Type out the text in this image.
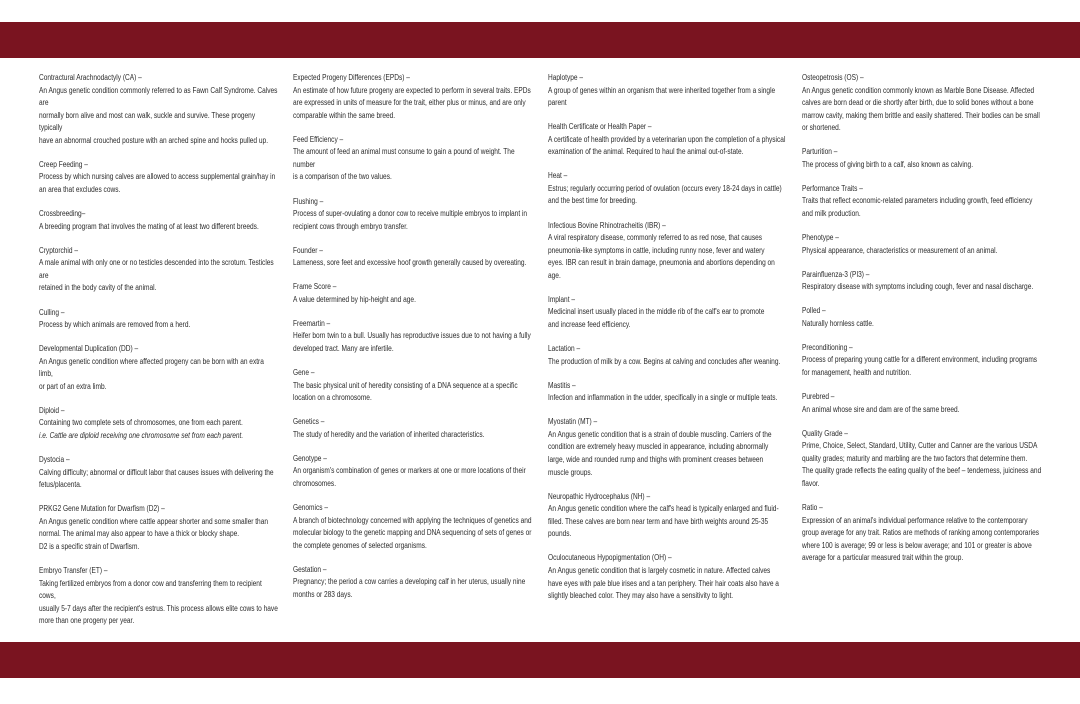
Contractural Arachnodactyly (CA) –
An Angus genetic condition commonly referred to as Fawn Calf Syndrome. Calves are
normally born alive and most can walk, suckle and survive. These progeny typically
have an abnormal crouched posture with an arched spine and hocks pulled up.
Creep Feeding –
Process by which nursing calves are allowed to access supplemental grain/hay in
an area that excludes cows.
Crossbreeding–
A breeding program that involves the mating of at least two different breeds.
Cryptorchid –
A male animal with only one or no testicles descended into the scrotum. Testicles are
retained in the body cavity of the animal.
Culling –
Process by which animals are removed from a herd.
Developmental Duplication (DD) –
An Angus genetic condition where affected progeny can be born with an extra limb,
or part of an extra limb.
Diploid –
Containing two complete sets of chromosomes, one from each parent.
i.e. Cattle are diploid receiving one chromosome set from each parent.
Dystocia –
Calving difficulty; abnormal or difficult labor that causes issues with delivering the
fetus/placenta.
PRKG2 Gene Mutation for Dwarfism (D2) –
An Angus genetic condition where cattle appear shorter and some smaller than
normal. The animal may also appear to have a thick or blocky shape.
D2 is a specific strain of Dwarfism.
Embryo Transfer (ET) –
Taking fertilized embryos from a donor cow and transferring them to recipient cows,
usually 5-7 days after the recipient's estrus. This process allows elite cows to have
more than one progeny per year.
Expected Progeny Differences (EPDs) –
An estimate of how future progeny are expected to perform in several traits. EPDs
are expressed in units of measure for the trait, either plus or minus, and are only
comparable within the same breed.
Feed Efficiency –
The amount of feed an animal must consume to gain a pound of weight. The number
is a comparison of the two values.
Flushing –
Process of super-ovulating a donor cow to receive multiple embryos to implant in
recipient cows through embryo transfer.
Founder –
Lameness, sore feet and excessive hoof growth generally caused by overeating.
Frame Score –
A value determined by hip-height and age.
Freemartin –
Heifer born twin to a bull. Usually has reproductive issues due to not having a fully
developed tract. Many are infertile.
Gene –
The basic physical unit of heredity consisting of a DNA sequence at a specific
location on a chromosome.
Genetics –
The study of heredity and the variation of inherited characteristics.
Genotype –
An organism's combination of genes or markers at one or more locations of their
chromosomes.
Genomics –
A branch of biotechnology concerned with applying the techniques of genetics and
molecular biology to the genetic mapping and DNA sequencing of sets of genes or
the complete genomes of selected organisms.
Gestation –
Pregnancy; the period a cow carries a developing calf in her uterus, usually nine
months or 283 days.
Haplotype –
A group of genes within an organism that were inherited together from a single
parent
Health Certificate or Health Paper –
A certificate of health provided by a veterinarian upon the completion of a physical
examination of the animal. Required to haul the animal out-of-state.
Heat –
Estrus; regularly occurring period of ovulation (occurs every 18-24 days in cattle)
and the best time for breeding.
Infectious Bovine Rhinotracheitis (IBR) –
A viral respiratory disease, commonly referred to as red nose, that causes
pneumonia-like symptoms in cattle, including runny nose, fever and watery
eyes. IBR can result in brain damage, pneumonia and abortions depending on age.
Implant –
Medicinal insert usually placed in the middle rib of the calf's ear to promote
and increase feed efficiency.
Lactation –
The production of milk by a cow. Begins at calving and concludes after weaning.
Mastitis –
Infection and inflammation in the udder, specifically in a single or multiple teats.
Myostatin (MT) –
An Angus genetic condition that is a strain of double muscling. Carriers of the
condition are extremely heavy muscled in appearance, including abnormally
large, wide and rounded rump and thighs with prominent creases between
muscle groups.
Neuropathic Hydrocephalus (NH) –
An Angus genetic condition where the calf's head is typically enlarged and fluid-
filled. These calves are born near term and have birth weights around 25-35 pounds.
Oculocutaneous Hypopigmentation (OH) –
An Angus genetic condition that is largely cosmetic in nature. Affected calves
have eyes with pale blue irises and a tan periphery. Their hair coats also have a
slightly bleached color. They may also have a sensitivity to light.
Osteopetrosis (OS) –
An Angus genetic condition commonly known as Marble Bone Disease. Affected
calves are born dead or die shortly after birth, due to solid bones without a bone
marrow cavity, making them brittle and easily shattered. Their bodies can be small
or shortened.
Parturition –
The process of giving birth to a calf, also known as calving.
Performance Traits –
Traits that reflect economic-related parameters including growth, feed efficiency
and milk production.
Phenotype –
Physical appearance, characteristics or measurement of an animal.
Parainfluenza-3 (PI3) –
Respiratory disease with symptoms including cough, fever and nasal discharge.
Polled –
Naturally hornless cattle.
Preconditioning –
Process of preparing young cattle for a different environment, including programs
for management, health and nutrition.
Purebred –
An animal whose sire and dam are of the same breed.
Quality Grade –
Prime, Choice, Select, Standard, Utility, Cutter and Canner are the various USDA
quality grades; maturity and marbling are the two factors that determine them.
The quality grade reflects the eating quality of the beef – tenderness, juiciness and
flavor.
Ratio –
Expression of an animal's individual performance relative to the contemporary
group average for any trait. Ratios are methods of ranking among contemporaries
where 100 is average; 99 or less is below average; and 101 or greater is above
average for a particular measured trait within the group.
